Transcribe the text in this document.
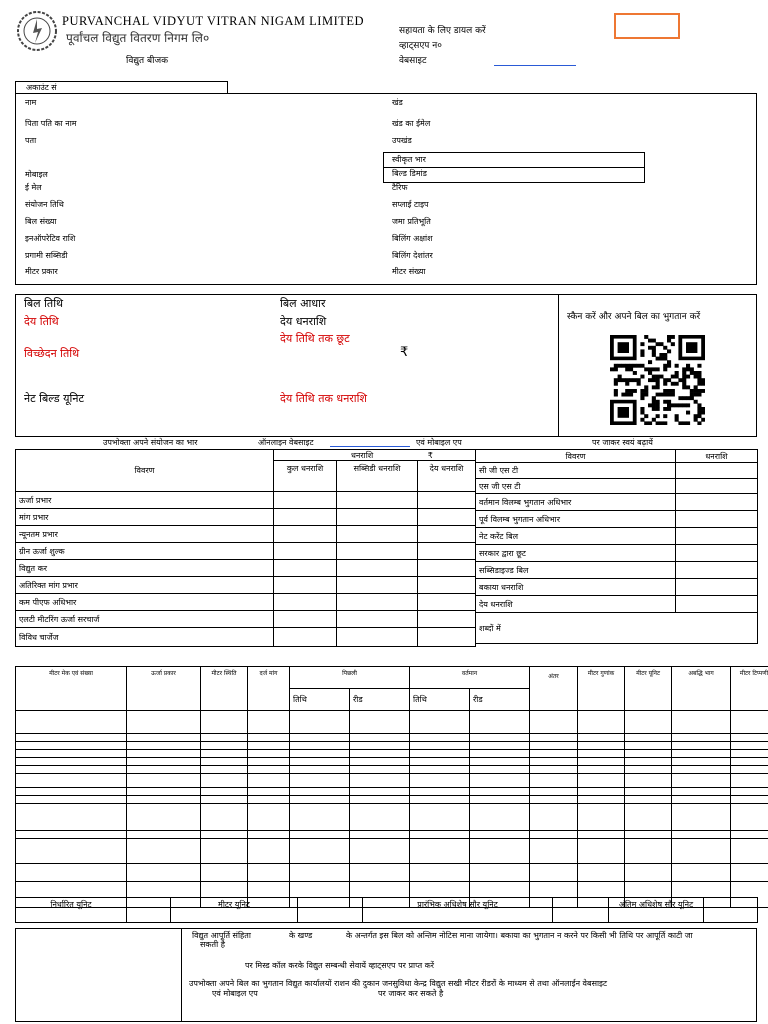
PURVANCHAL VIDYUT VITRAN NIGAM LIMITED
पूर्वांचल विद्युत वितरण निगम लि०
विद्युत बीजक
सहायता के लिए डायल करें
व्हाट्सएप न०
वेबसाइट
अकाउंट सं
नाम
पिता पति का नाम
पता
मोबाइल
ई मेल
संयोजन तिथि
बिल संख्या
इनऑपरेटिव राशि
प्रगामी सब्सिडी
मीटर प्रकार
खंड
खंड का ईमेल
उपखंड
स्वीकृत भार
बिल्ड डिमांड
टैरिफ
सप्लाई टाइप
जमा प्रतिभूति
बिलिंग अक्षांश
बिलिंग देशांतर
मीटर संख्या
बिल तिथि
देय तिथि
विच्छेदन तिथि
नेट बिल्ड यूनिट
बिल आधार
देय धनराशि
देय तिथि तक छूट
₹
देय तिथि तक धनराशि
स्कैन करें और अपने बिल का भुगतान करें
उपभोक्ता अपने संयोजन का भार	ऑनलाइन वेबसाइट	एवं मोबाइल एप	पर जाकर स्वयं बढ़ायें
विवरण	धनराशि ₹		
	कुल धनराशि	सब्सिडी धनराशि	देय धनराशि
ऊर्जा प्रभार			
मांग प्रभार			
न्यूनतम प्रभार			
ग्रीन ऊर्जा शुल्क			
विद्युत कर			
अतिरिक्त मांग प्रभार			
कम पीएफ अधिभार			
एलटी मीटरिंग ऊर्जा सरचार्ज			
विविध चार्जेज			
विवरण	धनराशि
सी जी एस टी	
एस जी एस टी	
वर्तमान विलम्ब भुगतान अधिभार	
पूर्व विलम्ब भुगतान अधिभार	
नेट करेंट बिल	
सरकार द्वारा छूट	
सब्सिडाइज्ड बिल	
बकाया धनराशि	
देय धनराशि	
शब्दों में	
मीटर मेक एवं संख्या	ऊर्जा प्रकार	मीटर स्थिति	दर्ज मांग	पिछली		वर्तमान		अंतर	मीटर गुणांक	मीटर यूनिट	अबद्धि भाग	मीटर टिप्पणी
				तिथि	रीड	तिथि	रीड					

निर्धारित यूनिट		मीटर यूनिट		प्रारंभिक अधिशेष सौर यूनिट		अंतिम अधिशेष सौर यूनिट	
विद्युत आपूर्ति संहिता	के खण्ड	के अन्तर्गत इस बिल को अन्तिम नोटिस माना जायेगा। बकाया का भुगतान न करने पर किसी भी तिथि पर आपूर्ति काटी जा
सकती है
पर मिस्ड कॉल करके विद्युत सम्बन्धी सेवायें व्हाट्सएप पर प्राप्त करें
उपभोक्ता अपने बिल का भुगतान विद्युत कार्यालयों राशन की दुकान जनसुविधा केन्द्र विद्युत सखी मीटर रीडरों के माध्यम से तथा ऑनलाईन वेबसाइट
एवं मोबाइल एप	पर जाकर कर सकते है
